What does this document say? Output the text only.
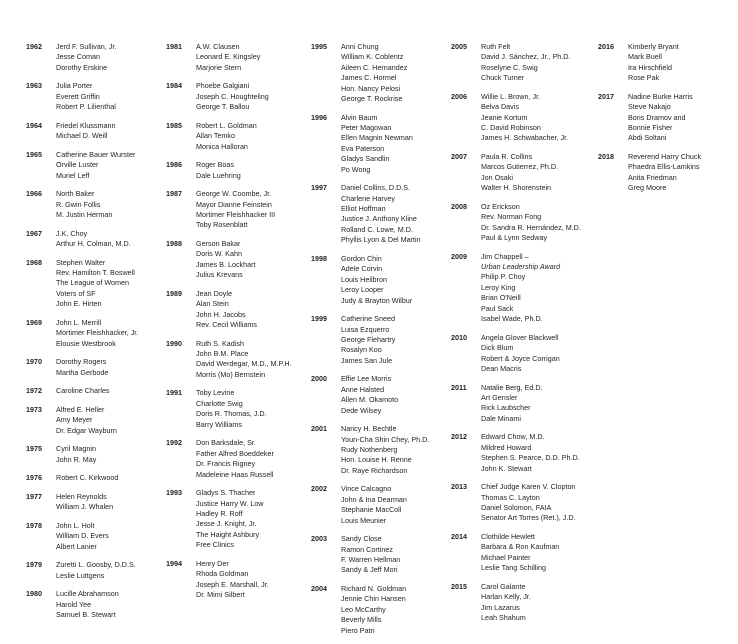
1962	Jerd F. Sullivan, Jr.
Jesse Coman
Dorothy Erskine
1963	Julia Porter
Everett Griffin
Robert P. Lilienthal
1964	Friedel Klussmann
Michael D. Weill
1965	Catherine Bauer Wurster
Orville Luster
Muriel Leff
1966	North Baker
R. Gwin Follis
M. Justin Herman
1967	J.K. Choy
Arthur H. Colman, M.D.
1968	Stephen Walter
Rev. Hamilton T. Boswell
The League of Women
Voters of SF
John E. Hirten
1969	John L. Merrill
Mortimer Fleishhacker, Jr.
Elousie Westbrook
1970	Dorothy Rogers
Martha Gerbode
1972	Caroline Charles
1973	Alfred E. Heller
Amy Meyer
Dr. Edgar Wayburn
1975	Cyril Magnin
John R. May
1976	Robert C. Kirkwood
1977	Helen Reynolds
William J. Whalen
1978	John L. Holt
William D. Evers
Albert Lanier
1979	Zuretti L. Goosby, D.D.S.
Leslie Luttgens
1980	Lucille Abrahamson
Harold Yee
Samuel B. Stewart
1981	A.W. Clausen
Leonard E. Kingsley
Marjorie Stern
1984	Phoebe Galgiani
Joseph C. Houghteling
George T. Ballou
1985	Robert L. Goldman
Allan Temko
Monica Halloran
1986	Roger Boas
Dale Luehring
1987	George W. Coombe, Jr.
Mayor Dianne Feinstein
Mortimer Fleishhacker III
Toby Rosenblatt
1988	Gerson Bakar
Doris W. Kahn
James B. Lockhart
Julius Krevans
1989	Jean Doyle
Alan Stein
John H. Jacobs
Rev. Cecil Williams
1990	Ruth S. Kadish
John B.M. Place
David Werdegar, M.D., M.P.H.
Morris (Mo) Bernstein
1991	Toby Levine
Charlotte Swig
Doris R. Thomas, J.D.
Barry Williams
1992	Don Barksdale, Sr.
Father Alfred Boeddeker
Dr. Francis Rigney
Madeleine Haas Russell
1993	Gladys S. Thacher
Justice Harry W. Low
Hadley R. Roff
Jesse J. Knight, Jr.
The Haight Ashbury
Free Clinics
1994	Henry Der
Rhoda Goldman
Joseph E. Marshall, Jr.
Dr. Mimi Silbert
1995	Anni Chung
William K. Coblentz
Aileen C. Hernandez
James C. Hormel
Hon. Nancy Pelosi
George T. Rockrise
1996	Alvin Baum
Peter Magowan
Ellen Magnin Newman
Eva Paterson
Gladys Sandlin
Po Wong
1997	Daniel Collins, D.D.S.
Charlene Harvey
Elliot Hoffman
Justice J. Anthony Kline
Rolland C. Lowe, M.D.
Phyllis Lyon & Del Martin
1998	Gordon Chin
Adele Corvin
Louis Heilbron
Leroy Looper
Judy & Brayton Wilbur
1999	Catherine Sneed
Luisa Ezquerro
George Flehartry
Rosalyn Koo
James San Jule
2000	Effie Lee Morris
Anne Halsted
Allen M. Okamoto
Dede Wilsey
2001	Nancy H. Bechtle
Youn-Cha Shin Chey, Ph.D.
Rudy Nothenberg
Hon. Louise H. Renne
Dr. Raye Richardson
2002	Vince Calcagno
John & Ina Dearman
Stephanie MacColl
Louis Meunier
2003	Sandy Close
Ramon Cortinez
F. Warren Hellman
Sandy & Jeff Mori
2004	Richard N. Goldman
Jennie Chin Hansen
Leo McCarthy
Beverly Mills
Piero Patri
2005	Ruth Felt
David J. Sánchez, Jr., Ph.D.
Roselyne C. Swig
Chuck Turner
2006	Willie L. Brown, Jr.
Belva Davis
Jeanie Kortum
C. David Robinson
James H. Schwabacher, Jr.
2007	Paula R. Collins
Marcos Gutierrez, Ph.D.
Jon Osaki
Walter H. Shorenstein
2008	Oz Erickson
Rev. Norman Fong
Dr. Sandra R. Hernández, M.D.
Paul & Lynn Sedway
2009	Jim Chappell –
Urban Leadership Award
Philip P. Choy
Leroy King
Brian O'Neill
Paul Sack
Isabel Wade, Ph.D.
2010	Angela Glover Blackwell
Dick Blum
Robert & Joyce Corrigan
Dean Macris
2011	Natalie Berg, Ed.D.
Art Gensler
Rick Laubscher
Dale Minami
2012	Edward Chow, M.D.
Mildred Howard
Stephen S. Pearce, D.D. Ph.D.
John K. Stewart
2013	Chief Judge Karen V. Clopton
Thomas C. Layton
Daniel Solomon, FAIA
Senator Art Torres (Ret.), J.D.
2014	Clothilde Hewlett
Barbara & Ron Kaufman
Michael Painter
Leslie Tang Schilling
2015	Carol Galante
Harlan Kelly, Jr.
Jim Lazarus
Leah Shahum
2016	Kimberly Bryant
Mark Buell
Ira Hirschfield
Rose Pak
2017	Nadine Burke Harris
Steve Nakajo
Boris Dramov and
Bonnie Fisher
Abdi Soltani
2018	Reverend Harry Chuck
Phaedra Ellis-Lamkins
Anita Friedman
Greg Moore
